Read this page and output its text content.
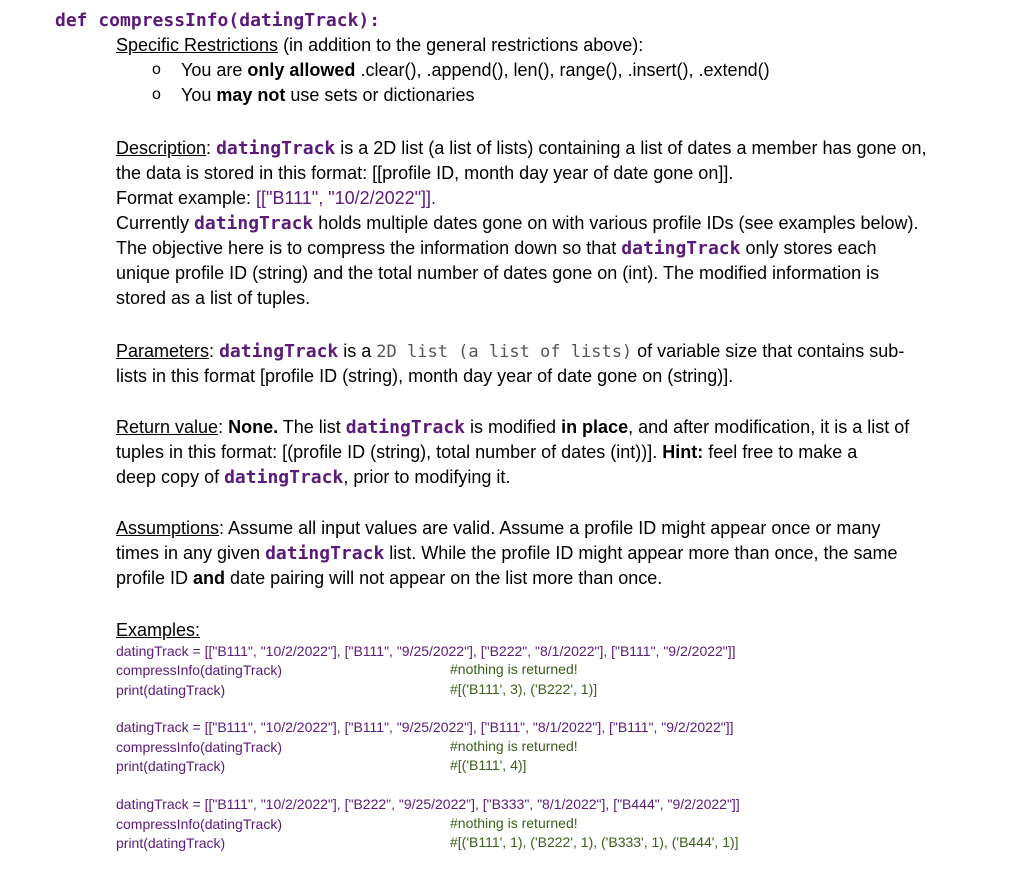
def compressInfo(datingTrack):
Specific Restrictions (in addition to the general restrictions above):
o You are only allowed .clear(), .append(), len(), range(), .insert(), .extend()
o You may not use sets or dictionaries
Description: datingTrack is a 2D list (a list of lists) containing a list of dates a member has gone on,
the data is stored in this format: [[profile ID, month day year of date gone on]].
Format example: [["B111", "10/2/2022"]].
Currently datingTrack holds multiple dates gone on with various profile IDs (see examples below).
The objective here is to compress the information down so that datingTrack only stores each
unique profile ID (string) and the total number of dates gone on (int). The modified information is
stored as a list of tuples.
Parameters: datingTrack is a 2D list (a list of lists) of variable size that contains sub-
lists in this format [profile ID (string), month day year of date gone on (string)].
Return value: None. The list datingTrack is modified in place, and after modification, it is a list of
tuples in this format: [(profile ID (string), total number of dates (int))]. Hint: feel free to make a
deep copy of datingTrack, prior to modifying it.
Assumptions: Assume all input values are valid. Assume a profile ID might appear once or many
times in any given datingTrack list. While the profile ID might appear more than once, the same
profile ID and date pairing will not appear on the list more than once.
Examples:
datingTrack = [["B111", "10/2/2022"], ["B111", "9/25/2022"], ["B222", "8/1/2022"], ["B111", "9/2/2022"]]
compressInfo(datingTrack)	#nothing is returned!
print(datingTrack)	#[('B111', 3), ('B222', 1)]
datingTrack = [["B111", "10/2/2022"], ["B111", "9/25/2022"], ["B111", "8/1/2022"], ["B111", "9/2/2022"]]
compressInfo(datingTrack)	#nothing is returned!
print(datingTrack)	#[('B111', 4)]
datingTrack = [["B111", "10/2/2022"], ["B222", "9/25/2022"], ["B333", "8/1/2022"], ["B444", "9/2/2022"]]
compressInfo(datingTrack)	#nothing is returned!
print(datingTrack)	#[('B111', 1), ('B222', 1), ('B333', 1), ('B444', 1)]
